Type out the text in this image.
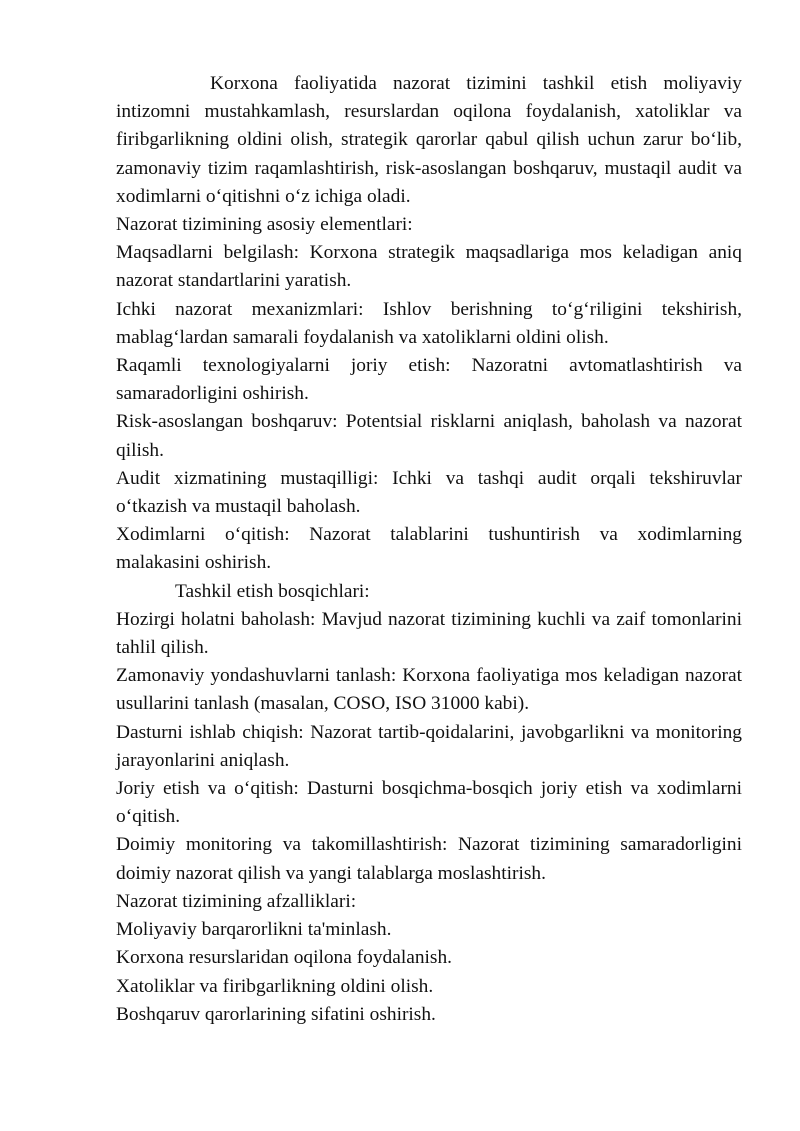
Korxona faoliyatida nazorat tizimini tashkil etish moliyaviy intizomni mustahkamlash, resurslardan oqilona foydalanish, xatoliklar va firibgarlikning oldini olish, strategik qarorlar qabul qilish uchun zarur bo‘lib, zamonaviy tizim raqamlashtirish, risk-asoslangan boshqaruv, mustaqil audit va xodimlarni o‘qitishni o‘z ichiga oladi.

Nazorat tizimining asosiy elementlari:

Maqsadlarni belgilash: Korxona strategik maqsadlariga mos keladigan aniq nazorat standartlarini yaratish.

Ichki nazorat mexanizmlari: Ishlov berishning to‘g‘riligini tekshirish, mablag‘lardan samarali foydalanish va xatoliklarni oldini olish.

Raqamli texnologiyalarni joriy etish: Nazoratni avtomatlashtirish va samaradorligini oshirish.

Risk-asoslangan boshqaruv: Potentsial risklarni aniqlash, baholash va nazorat qilish.

Audit xizmatining mustaqilligi: Ichki va tashqi audit orqali tekshiruvlar o‘tkazish va mustaqil baholash.

Xodimlarni o‘qitish: Nazorat talablarini tushuntirish va xodimlarning malakasini oshirish.

Tashkil etish bosqichlari:

Hozirgi holatni baholash: Mavjud nazorat tizimining kuchli va zaif tomonlarini tahlil qilish.

Zamonaviy yondashuvlarni tanlash: Korxona faoliyatiga mos keladigan nazorat usullarini tanlash (masalan, COSO, ISO 31000 kabi).

Dasturni ishlab chiqish: Nazorat tartib-qoidalarini, javobgarlikni va monitoring jarayonlarini aniqlash.

Joriy etish va o‘qitish: Dasturni bosqichma-bosqich joriy etish va xodimlarni o‘qitish.

Doimiy monitoring va takomillashtirish: Nazorat tizimining samaradorligini doimiy nazorat qilish va yangi talablarga moslashtirish.

Nazorat tizimining afzalliklari:

Moliyaviy barqarorlikni ta'minlash.

Korxona resurslaridan oqilona foydalanish.

Xatoliklar va firibgarlikning oldini olish.

Boshqaruv qarorlarining sifatini oshirish.
